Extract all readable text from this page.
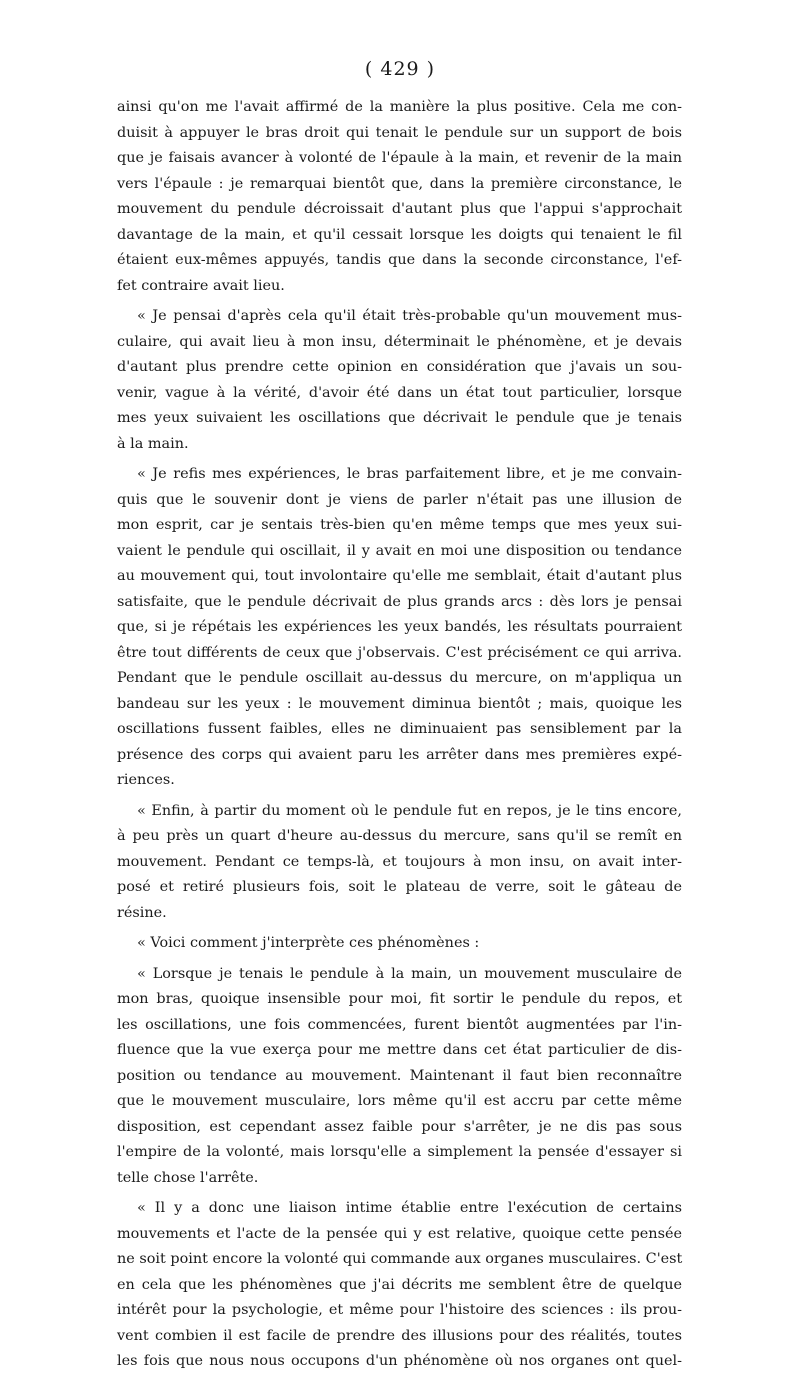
( 429 )
ainsi qu'on me l'avait affirmé de la manière la plus positive. Cela me con-
duisit à appuyer le bras droit qui tenait le pendule sur un support de bois
que je faisais avancer à volonté de l'épaule à la main, et revenir de la main
vers l'épaule : je remarquai bientôt que, dans la première circonstance, le
mouvement du pendule décroissait d'autant plus que l'appui s'approchait
davantage de la main, et qu'il cessait lorsque les doigts qui tenaient le fil
étaient eux-mêmes appuyés, tandis que dans la seconde circonstance, l'ef-
fet contraire avait lieu.
« Je pensai d'après cela qu'il était très-probable qu'un mouvement mus-
culaire, qui avait lieu à mon insu, déterminait le phénomène, et je devais
d'autant plus prendre cette opinion en considération que j'avais un sou-
venir, vague à la vérité, d'avoir été dans un état tout particulier, lorsque
mes yeux suivaient les oscillations que décrivait le pendule que je tenais
à la main.
« Je refis mes expériences, le bras parfaitement libre, et je me convain-
quis que le souvenir dont je viens de parler n'était pas une illusion de
mon esprit, car je sentais très-bien qu'en même temps que mes yeux sui-
vaient le pendule qui oscillait, il y avait en moi une disposition ou tendance
au mouvement qui, tout involontaire qu'elle me semblait, était d'autant plus
satisfaite, que le pendule décrivait de plus grands arcs : dès lors je pensai
que, si je répétais les expériences les yeux bandés, les résultats pourraient
être tout différents de ceux que j'observais. C'est précisément ce qui arriva.
Pendant que le pendule oscillait au-dessus du mercure, on m'appliqua un
bandeau sur les yeux : le mouvement diminua bientôt ; mais, quoique les
oscillations fussent faibles, elles ne diminuaient pas sensiblement par la
présence des corps qui avaient paru les arrêter dans mes premières expé-
riences.
« Enfin, à partir du moment où le pendule fut en repos, je le tins encore,
à peu près un quart d'heure au-dessus du mercure, sans qu'il se remît en
mouvement. Pendant ce temps-là, et toujours à mon insu, on avait inter-
posé et retiré plusieurs fois, soit le plateau de verre, soit le gâteau de
résine.
« Voici comment j'interprète ces phénomènes :
« Lorsque je tenais le pendule à la main, un mouvement musculaire de
mon bras, quoique insensible pour moi, fit sortir le pendule du repos, et
les oscillations, une fois commencées, furent bientôt augmentées par l'in-
fluence que la vue exerça pour me mettre dans cet état particulier de dis-
position ou tendance au mouvement. Maintenant il faut bien reconnaître
que le mouvement musculaire, lors même qu'il est accru par cette même
disposition, est cependant assez faible pour s'arrêter, je ne dis pas sous
l'empire de la volonté, mais lorsqu'elle a simplement la pensée d'essayer si
telle chose l'arrête.
« Il y a donc une liaison intime établie entre l'exécution de certains
mouvements et l'acte de la pensée qui y est relative, quoique cette pensée
ne soit point encore la volonté qui commande aux organes musculaires. C'est
en cela que les phénomènes que j'ai décrits me semblent être de quelque
intérêt pour la psychologie, et même pour l'histoire des sciences : ils prou-
vent combien il est facile de prendre des illusions pour des réalités, toutes
les fois que nous nous occupons d'un phénomène où nos organes ont quel-
